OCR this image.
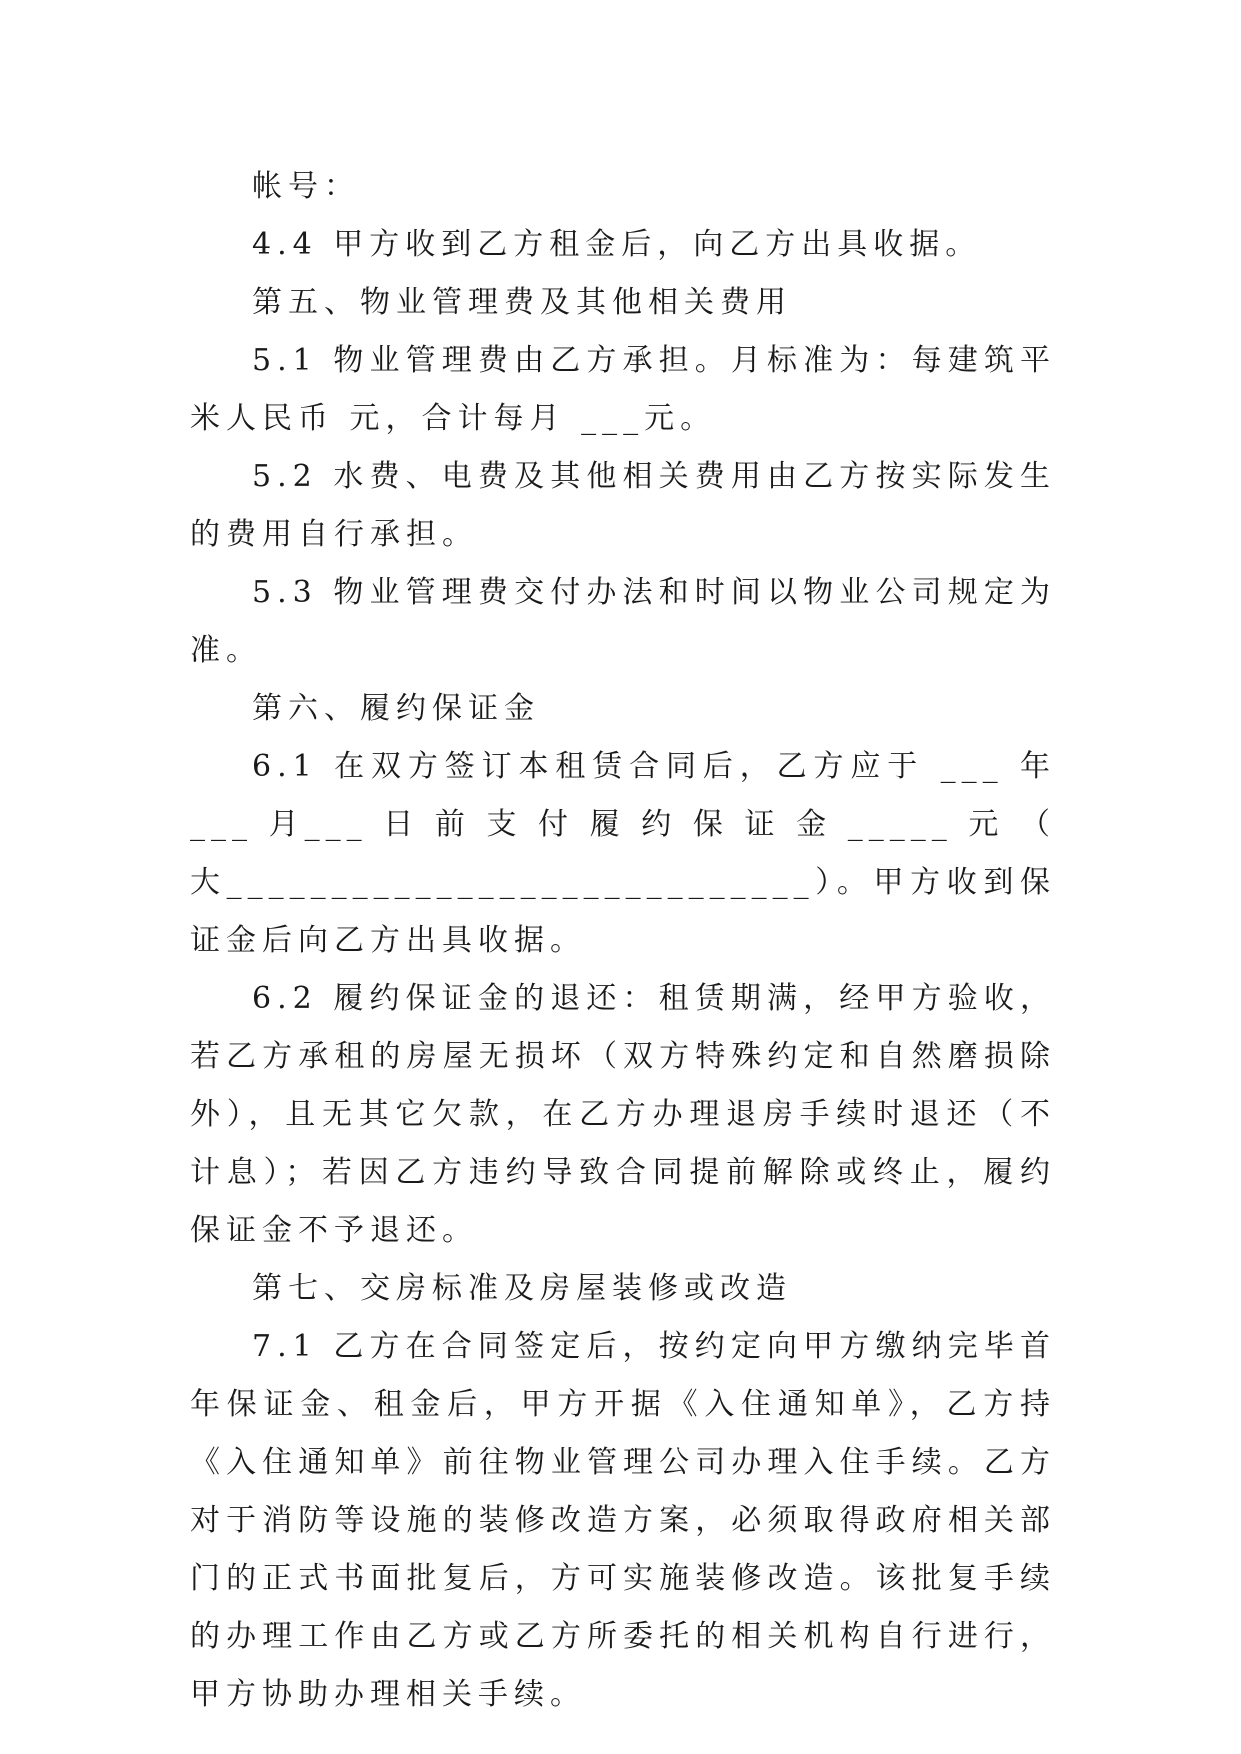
帐号：

4.4 甲方收到乙方租金后，向乙方出具收据。

第五、物业管理费及其他相关费用

5.1 物业管理费由乙方承担。月标准为：每建筑平米人民币 元，合计每月 ___元。

5.2 水费、电费及其他相关费用由乙方按实际发生的费用自行承担。

5.3 物业管理费交付办法和时间以物业公司规定为准。

第六、履约保证金

6.1 在双方签订本租赁合同后，乙方应于 ___ 年___ 月___ 日 前 支 付 履 约 保 证 金 _____ 元 （ 大____________________________）。甲方收到保证金后向乙方出具收据。

6.2 履约保证金的退还：租赁期满，经甲方验收，若乙方承租的房屋无损坏（双方特殊约定和自然磨损除外），且无其它欠款，在乙方办理退房手续时退还（不计息）；若因乙方违约导致合同提前解除或终止，履约保证金不予退还。

第七、交房标准及房屋装修或改造

7.1 乙方在合同签定后，按约定向甲方缴纳完毕首年保证金、租金后，甲方开据《入住通知单》，乙方持《入住通知单》前往物业管理公司办理入住手续。乙方对于消防等设施的装修改造方案，必须取得政府相关部门的正式书面批复后，方可实施装修改造。该批复手续的办理工作由乙方或乙方所委托的相关机构自行进行，甲方协助办理相关手续。
